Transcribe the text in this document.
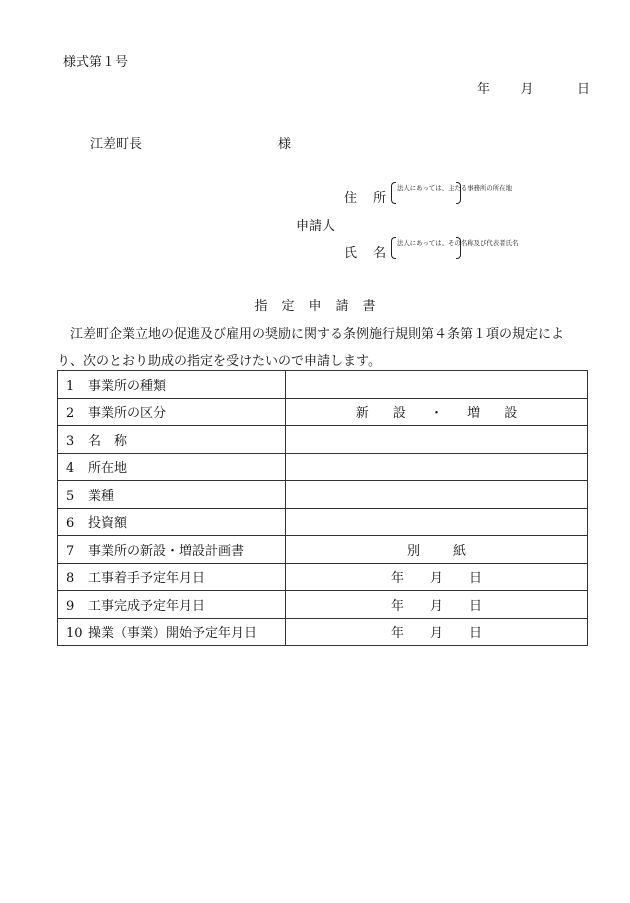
様式第１号
年 月	日
江差町長	様
住 所
法人にあっては、主たる事務所の所在地
申請人
氏 名
法人にあっては、その名称及び代表者氏名
指定申請書
江差町企業立地の促進及び雇用の奨励に関する条例施行規則第４条第１項の規定により、次のとおり助成の指定を受けたいので申請します。
1 事業所の種類	
2 事業所の区分	新 設 ・ 増 設
3 名　称	
4 所在地	
5 業種	
6 投資額	
7 事業所の新設・増設計画書	別　紙
8 工事着手予定年月日	年 月 日

9 工事完成予定年月日	年 月 日

10 操業（事業）開始予定年月日	年 月 日
